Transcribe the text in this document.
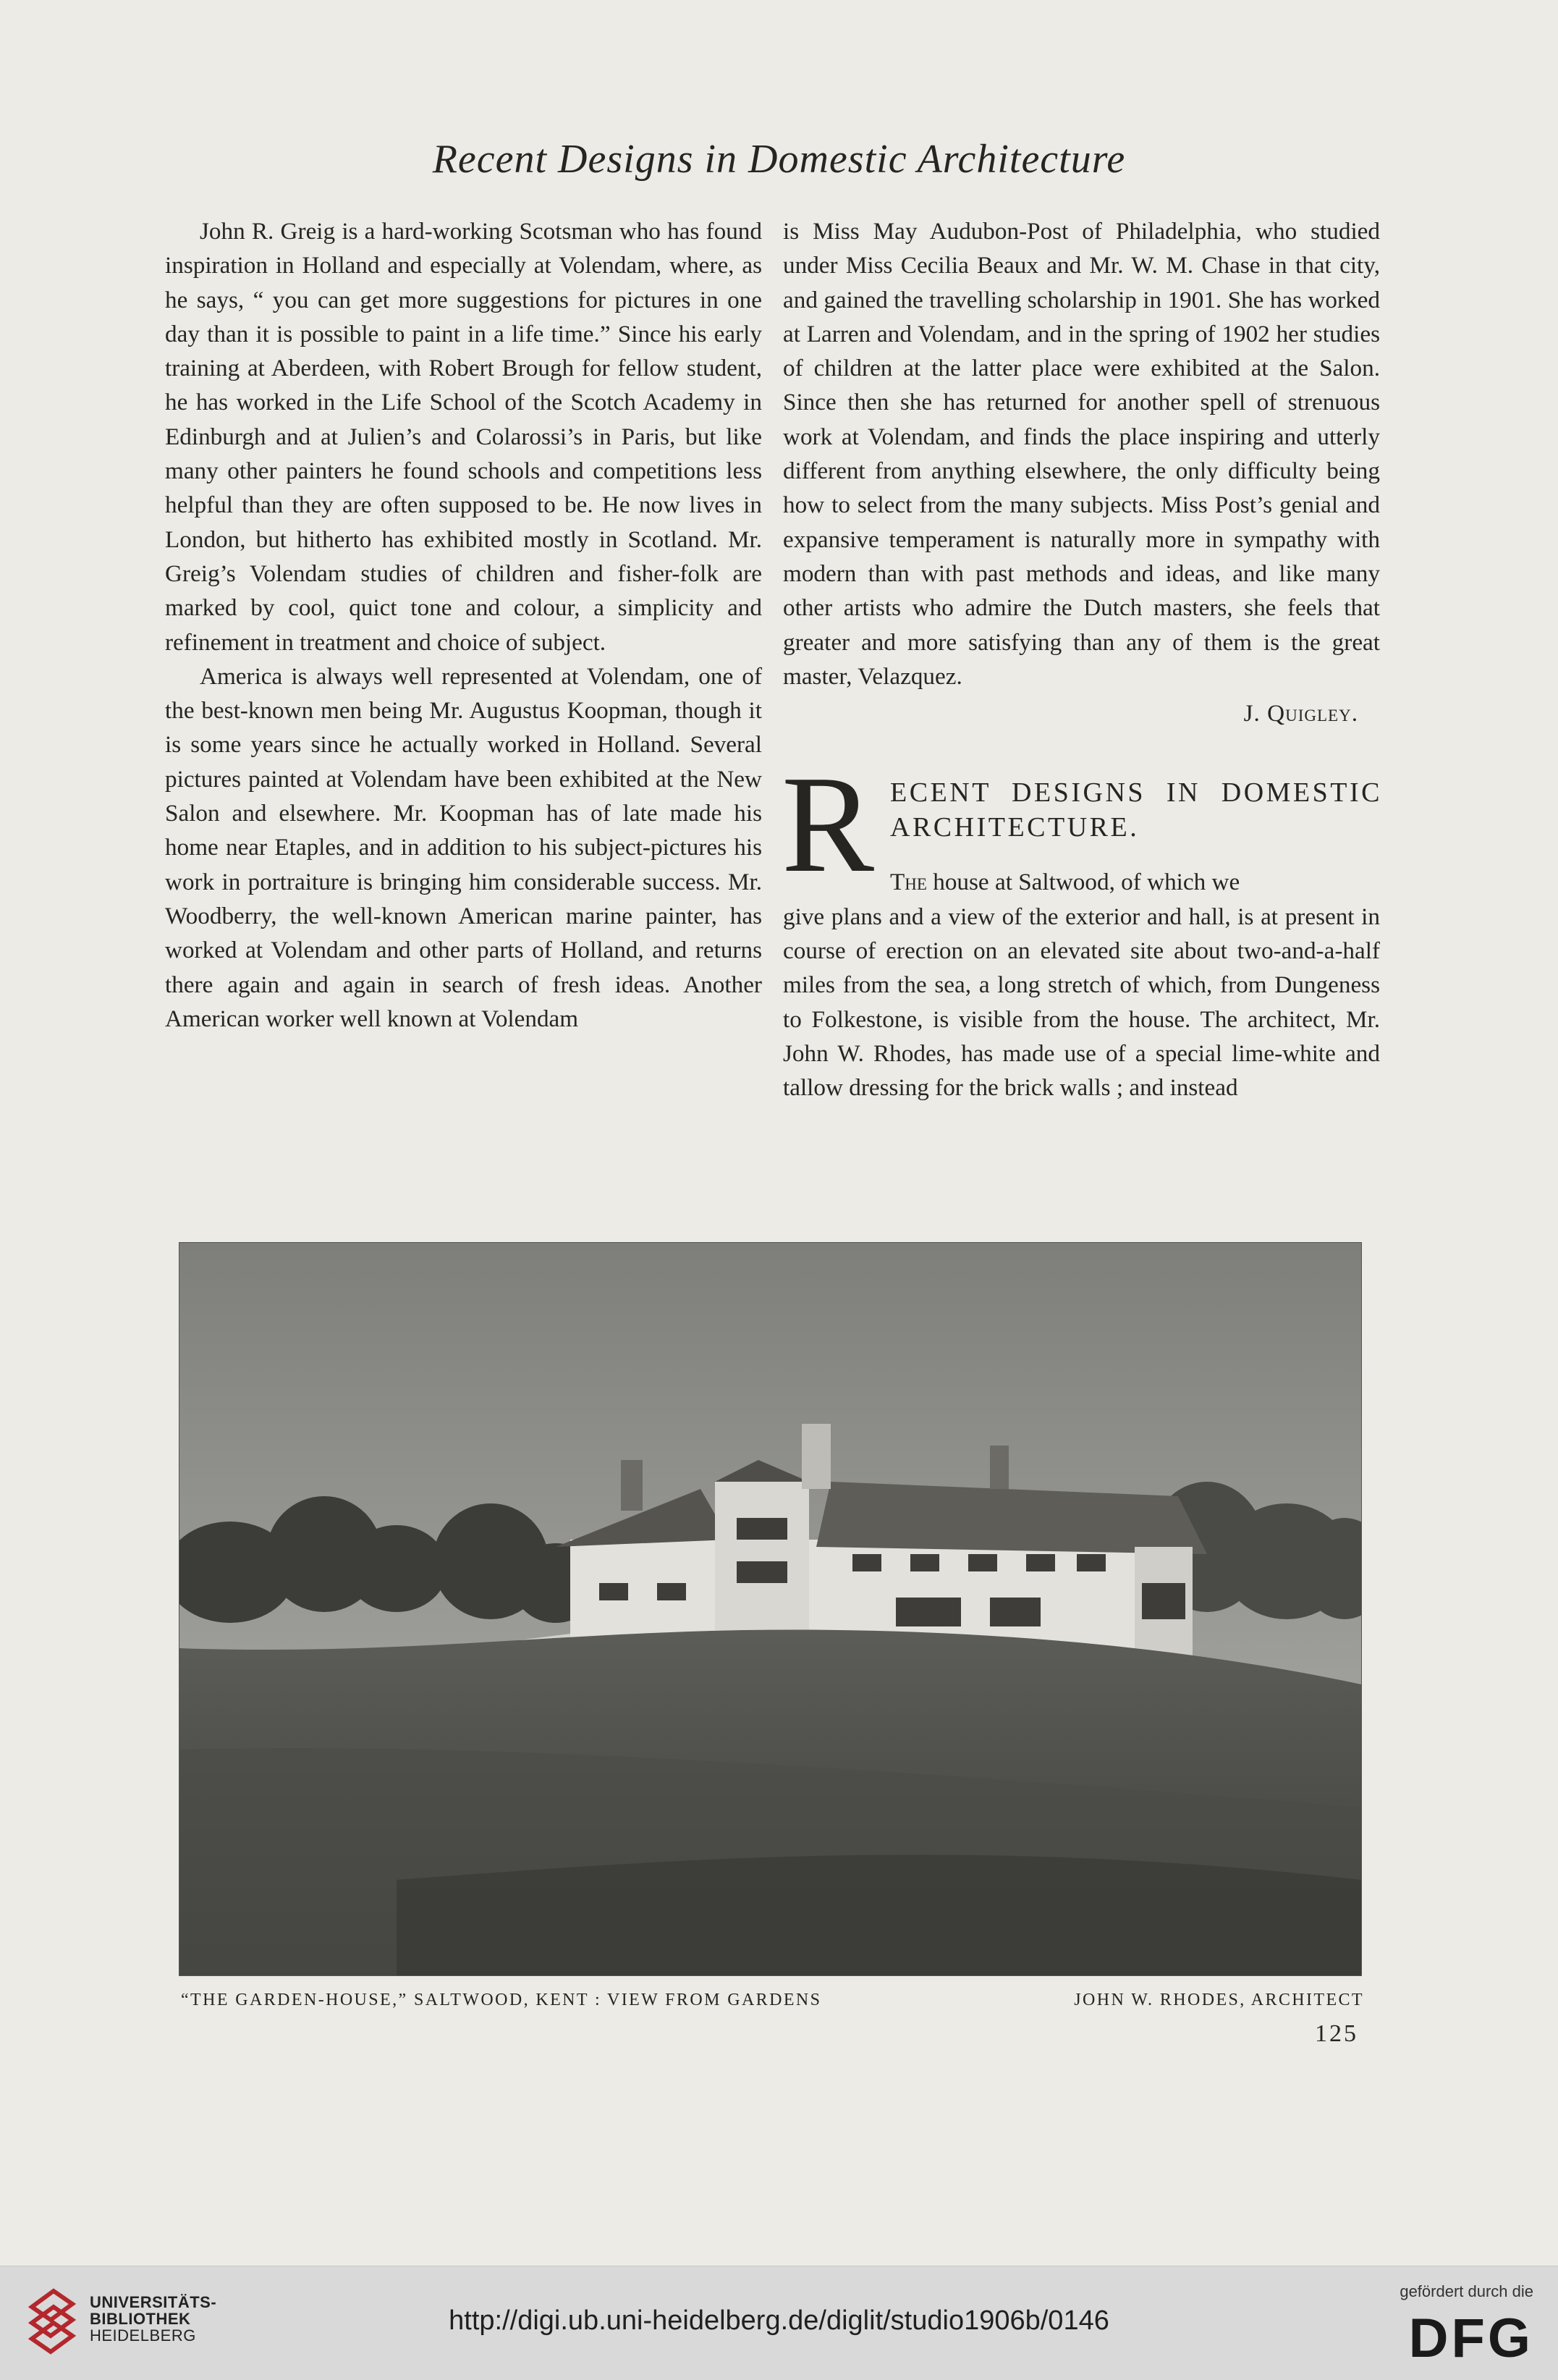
Recent Designs in Domestic Architecture

John R. Greig is a hard-working Scotsman who has found inspiration in Holland and especially at Volendam, where, as he says, “ you can get more suggestions for pictures in one day than it is possible to paint in a life time.” Since his early training at Aberdeen, with Robert Brough for fellow student, he has worked in the Life School of the Scotch Academy in Edinburgh and at Julien’s and Colarossi’s in Paris, but like many other painters he found schools and competitions less helpful than they are often supposed to be. He now lives in London, but hitherto has exhibited mostly in Scotland. Mr. Greig’s Volendam studies of children and fisher-folk are marked by cool, quict tone and colour, a simplicity and refinement in treatment and choice of subject.

America is always well represented at Volendam, one of the best-known men being Mr. Augustus Koopman, though it is some years since he actually worked in Holland. Several pictures painted at Volendam have been exhibited at the New Salon and elsewhere. Mr. Koopman has of late made his home near Etaples, and in addition to his subject-pictures his work in portraiture is bringing him considerable success. Mr. Woodberry, the well-known American marine painter, has worked at Volendam and other parts of Holland, and returns there again and again in search of fresh ideas. Another American worker well known at Volendam

is Miss May Audubon-Post of Philadelphia, who studied under Miss Cecilia Beaux and Mr. W. M. Chase in that city, and gained the travelling scholarship in 1901. She has worked at Larren and Volendam, and in the spring of 1902 her studies of children at the latter place were exhibited at the Salon. Since then she has returned for another spell of strenuous work at Volendam, and finds the place inspiring and utterly different from anything elsewhere, the only difficulty being how to select from the many subjects. Miss Post’s genial and expansive temperament is naturally more in sympathy with modern than with past methods and ideas, and like many other artists who admire the Dutch masters, she feels that greater and more satisfying than any of them is the great master, Velazquez.

J. Quigley.
R ECENT DESIGNS IN DOMESTIC ARCHITECTURE.

The house at Saltwood, of which we

give plans and a view of the exterior and hall, is at present in course of erection on an elevated site about two-and-a-half miles from the sea, a long stretch of which, from Dungeness to Folkestone, is visible from the house. The architect, Mr. John W. Rhodes, has made use of a special lime-white and tallow dressing for the brick walls ; and instead

“THE GARDEN-HOUSE,” SALTWOOD, KENT : VIEW FROM GARDENS	JOHN W. RHODES, ARCHITECT
125
UNIVERSITÄTS-
BIBLIOTHEK
HEIDELBERG	http://digi.ub.uni-heidelberg.de/diglit/studio1906b/0146
gefördert durch die
DFG
